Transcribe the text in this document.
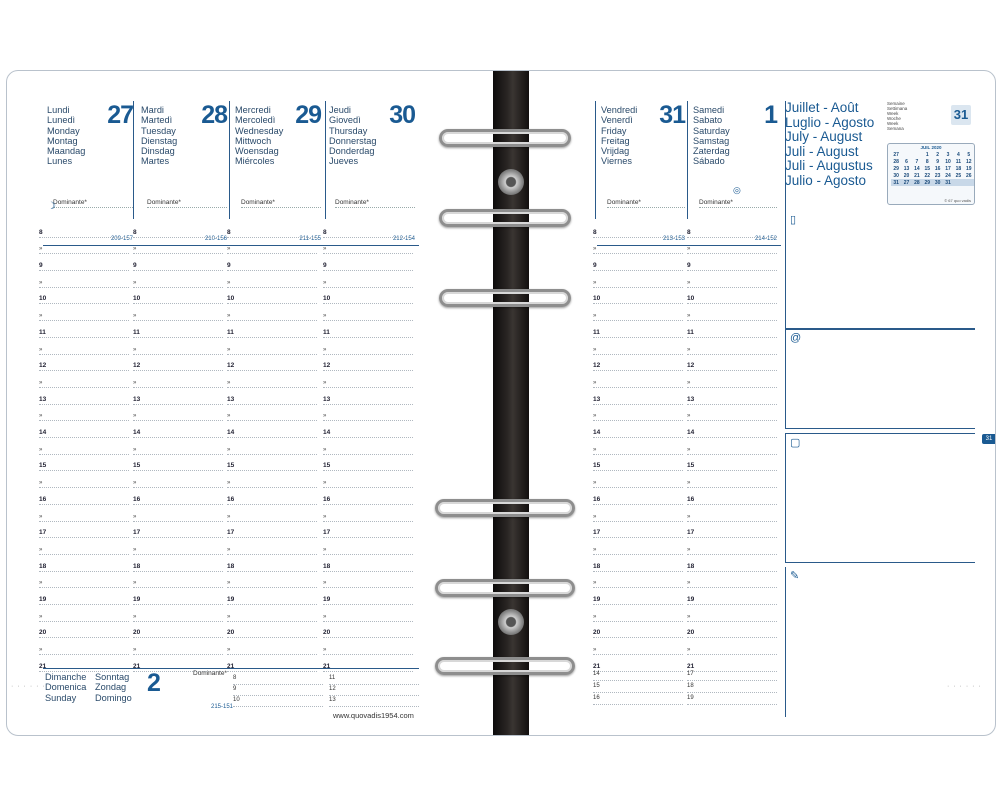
· · · · · ·	· · · · · ·
Lundi
Lunedì
Monday
Montag
Maandag
Lunes
27
Dominante*
209-157
Mardi
Martedì
Tuesday
Dienstag
Dinsdag
Martes
28
Dominante*
210-156
Mercredi
Mercoledì
Wednesday
Mittwoch
Woensdag
Miércoles
29
Dominante*
211-155
Jeudi
Giovedì
Thursday
Donnerstag
Donderdag
Jueves
30
Dominante*
212-154
☽
8	8	8	8
»	»	»	»
9	9	9	9
»	»	»	»
10	10	10	10
»	»	»	»
11	11	11	11
»	»	»	»
12	12	12	12
»	»	»	»
13	13	13	13
»	»	»	»
14	14	14	14
»	»	»	»
15	15	15	15
»	»	»	»
16	16	16	16
»	»	»	»
17	17	17	17
»	»	»	»
18	18	18	18
»	»	»	»
19	19	19	19
»	»	»	»
20	20	20	20
»	»	»	»
21	21	21	21
Dimanche
Domenica
Sunday
Sonntag
Zondag
Domingo
2	Dominante*
215-151
8	11
9	12
10	13
www.quovadis1954.com
Vendredi
Venerdì
Friday
Freitag
Vrijdag
Viernes
31
Dominante*
213-153
Samedi
Sabato
Saturday
Samstag
Zaterdag
Sábado
1
Dominante*
214-152
◎
8	8
»	»
9	9
»	»
10	10
»	»
11	11
»	»
12	12
»	»
13	13
»	»
14	14
»	»
15	15
»	»
16	16
»	»
17	17
»	»
18	18
»	»
19	19
»	»
20	20
»	»
21	21
14	17
15	18
16	19
Juillet - Août
Luglio - Agosto
July - August
Juli - August
Juli - Augustus
Julio - Agosto
Semaine
Settimana
Week
Woche
Week
Semana
31
JUIL 2020
27			1	2	3	4	5
28	6	7	8	9	10	11	12
29	13	14	15	16	17	18	19
30	20	21	22	23	24	25	26
31	27	28	29	30	31		
© 67 quo vadis
▯
@
▢
✎
31
